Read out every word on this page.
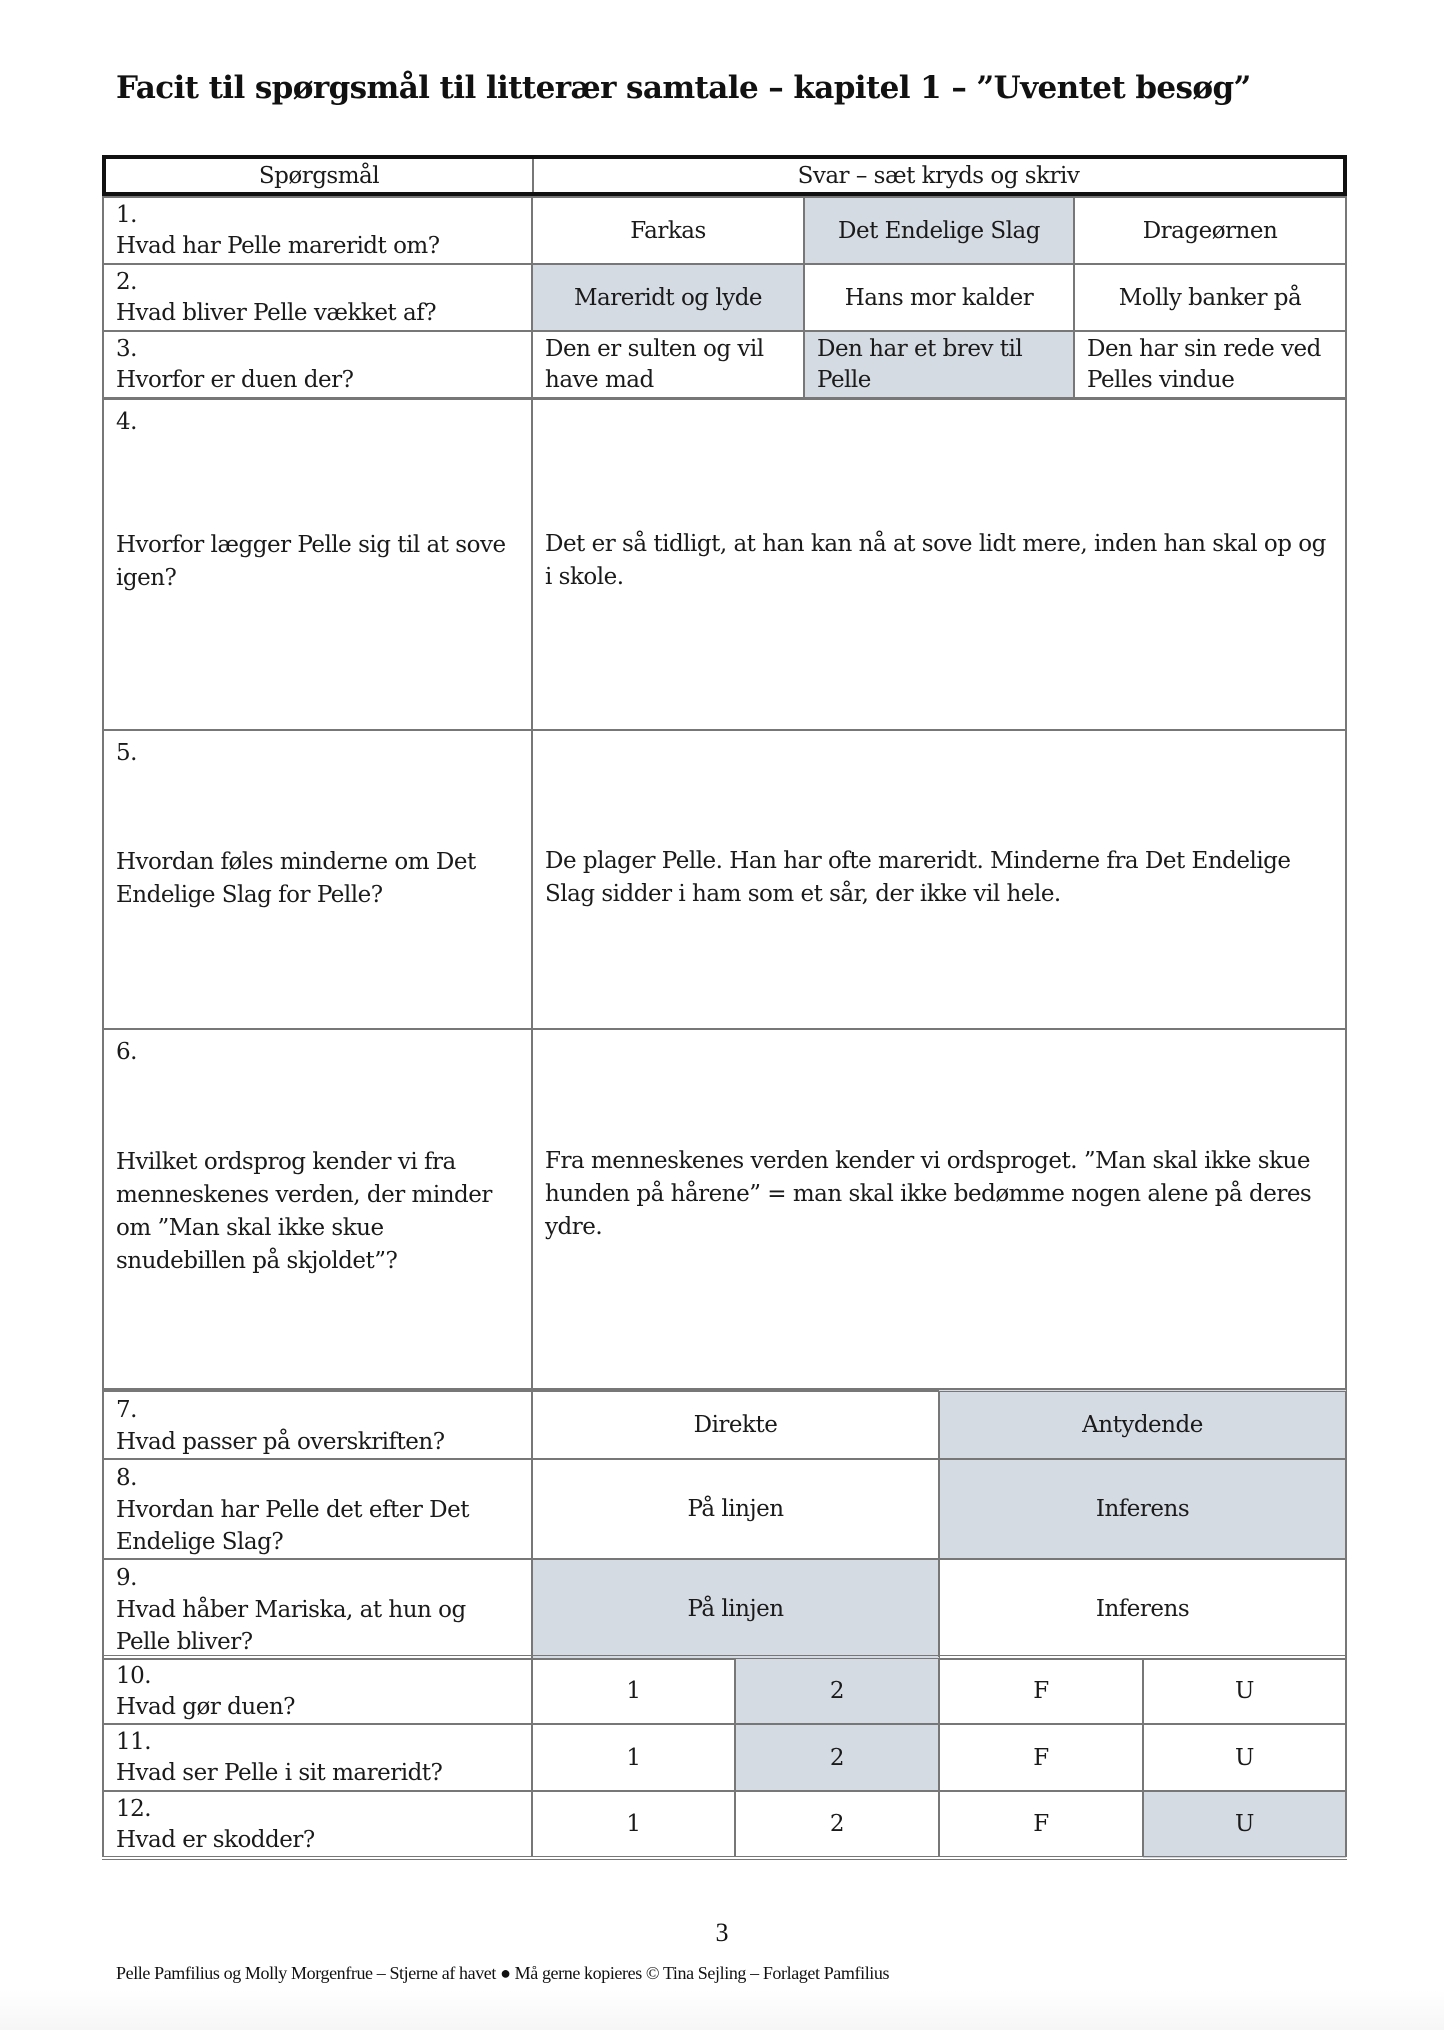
Facit til spørgsmål til litterær samtale – kapitel 1 – ”Uventet besøg”
Spørgsmål	Svar – sæt kryds og skriv
1.
Hvad har Pelle mareridt om?	Farkas	Det Endelige Slag	Drageørnen

2.
Hvad bliver Pelle vækket af?	Mareridt og lyde	Hans mor kalder	Molly banker på

3.
Hvorfor er duen der?	Den er sulten og vil have mad	Den har et brev til Pelle	Den har sin rede ved Pelles vindue
4.
Hvorfor lægger Pelle sig til at sove igen?	Det er så tidligt, at han kan nå at sove lidt mere, inden han skal op og i skole.

5.
Hvordan føles minderne om Det Endelige Slag for Pelle?	De plager Pelle. Han har ofte mareridt. Minderne fra Det Endelige Slag sidder i ham som et sår, der ikke vil hele.

6.
Hvilket ordsprog kender vi fra menneskenes verden, der minder om ”Man skal ikke skue snudebillen på skjoldet”?	Fra menneskenes verden kender vi ordsproget. ”Man skal ikke skue hunden på hårene” = man skal ikke bedømme nogen alene på deres ydre.
7.
Hvad passer på overskriften?	Direkte	Antydende

8.
Hvordan har Pelle det efter Det Endelige Slag?	På linjen	Inferens

9.
Hvad håber Mariska, at hun og Pelle bliver?	På linjen	Inferens
10.
Hvad gør duen?	1	2	F	U

11.
Hvad ser Pelle i sit mareridt?	1	2	F	U

12.
Hvad er skodder?	1	2	F	U
3
Pelle Pamfilius og Molly Morgenfrue – Stjerne af havet ● Må gerne kopieres © Tina Sejling – Forlaget Pamfilius
